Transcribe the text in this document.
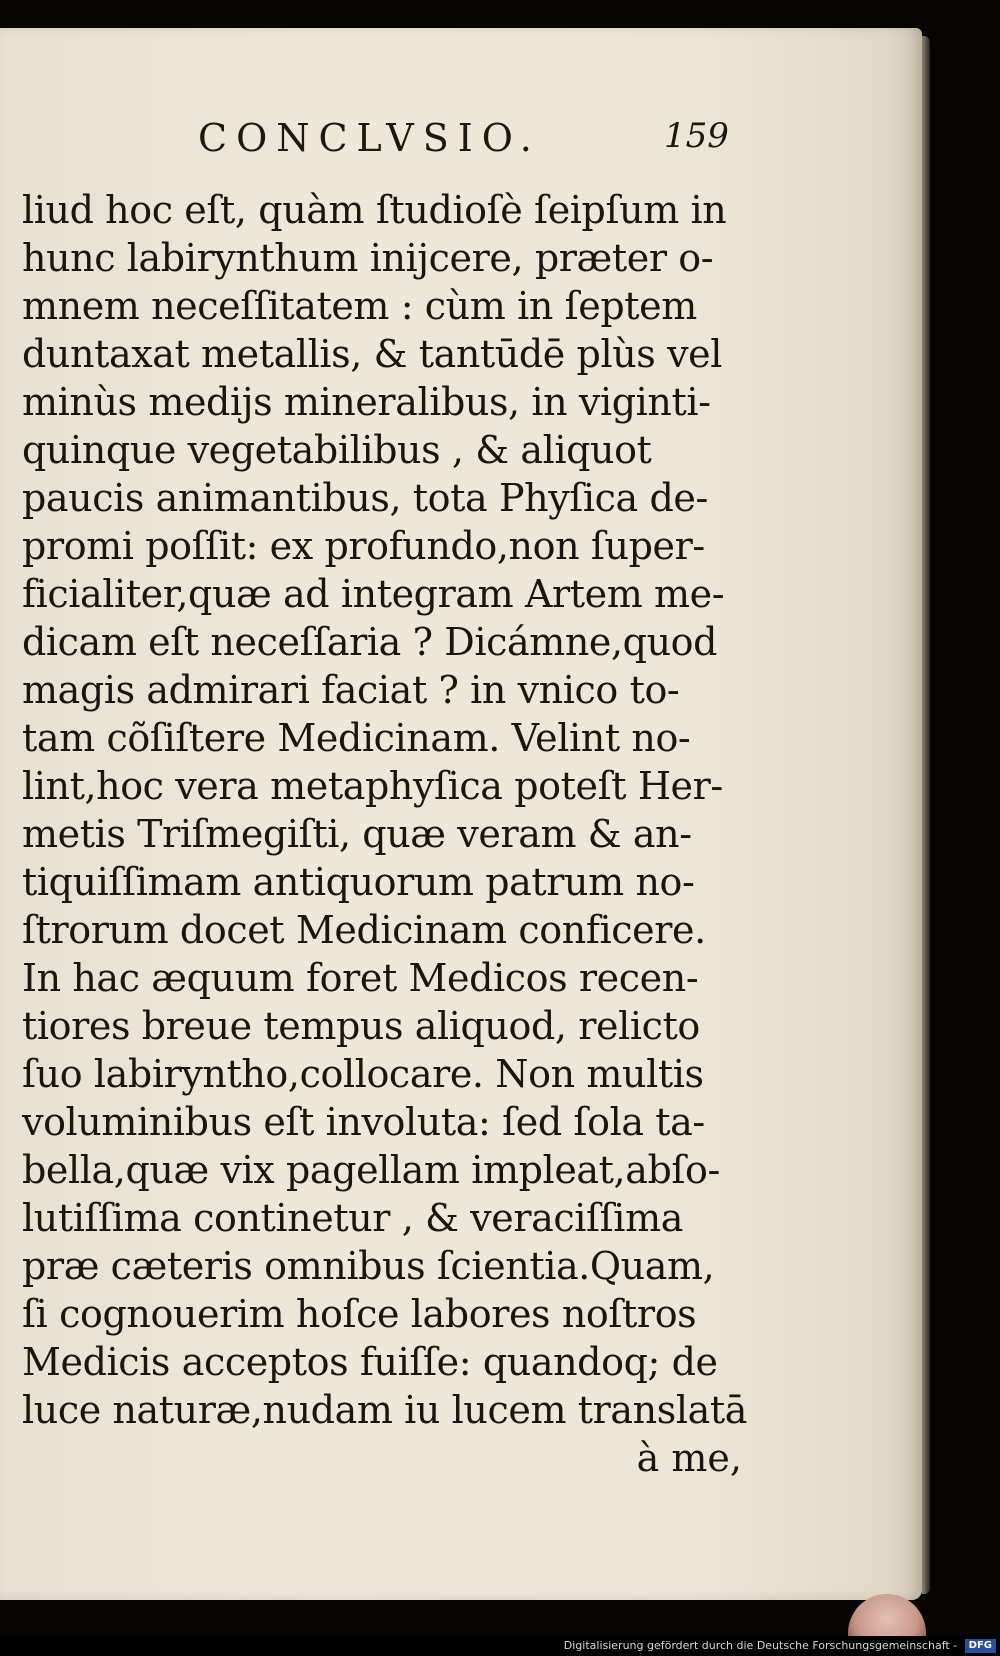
CONCLVSIO.	159
liud hoc eſt, quàm ſtudioſè ſeipſum in
hunc labirynthum inijcere, præter o-
mnem neceſſitatem : cùm in ſeptem
duntaxat metallis, & tantūdē plùs vel
minùs medijs mineralibus, in viginti-
quinque vegetabilibus , & aliquot
paucis animantibus, tota Phyſica de-
promi poſſit: ex profundo,non ſuper-
ficialiter,quæ ad integram Artem me-
dicam eſt neceſſaria ? Dicámne,quod
magis admirari faciat ? in vnico to-
tam cõſiſtere Medicinam. Velint no-
lint,hoc vera metaphyſica poteſt Her-
metis Triſmegiſti, quæ veram & an-
tiquiſſimam antiquorum patrum no-
ſtrorum docet Medicinam conficere.
In hac æquum foret Medicos recen-
tiores breue tempus aliquod, relicto
ſuo labirynthо,collocare. Non multis
voluminibus eſt involuta: ſed ſola ta-
bella,quæ vix pagellam impleat,abſo-
lutiſſima continetur , & veraciſſima
præ cæteris omnibus ſcientia.Quam,
ſi cognouerim hoſce labores noſtros
Medicis acceptos fuiſſe: quandoq; de
luce naturæ,nudam iu lucem translatā
à me,
Digitalisierung gefördert durch die Deutsche Forschungsgemeinschaft - DFG
